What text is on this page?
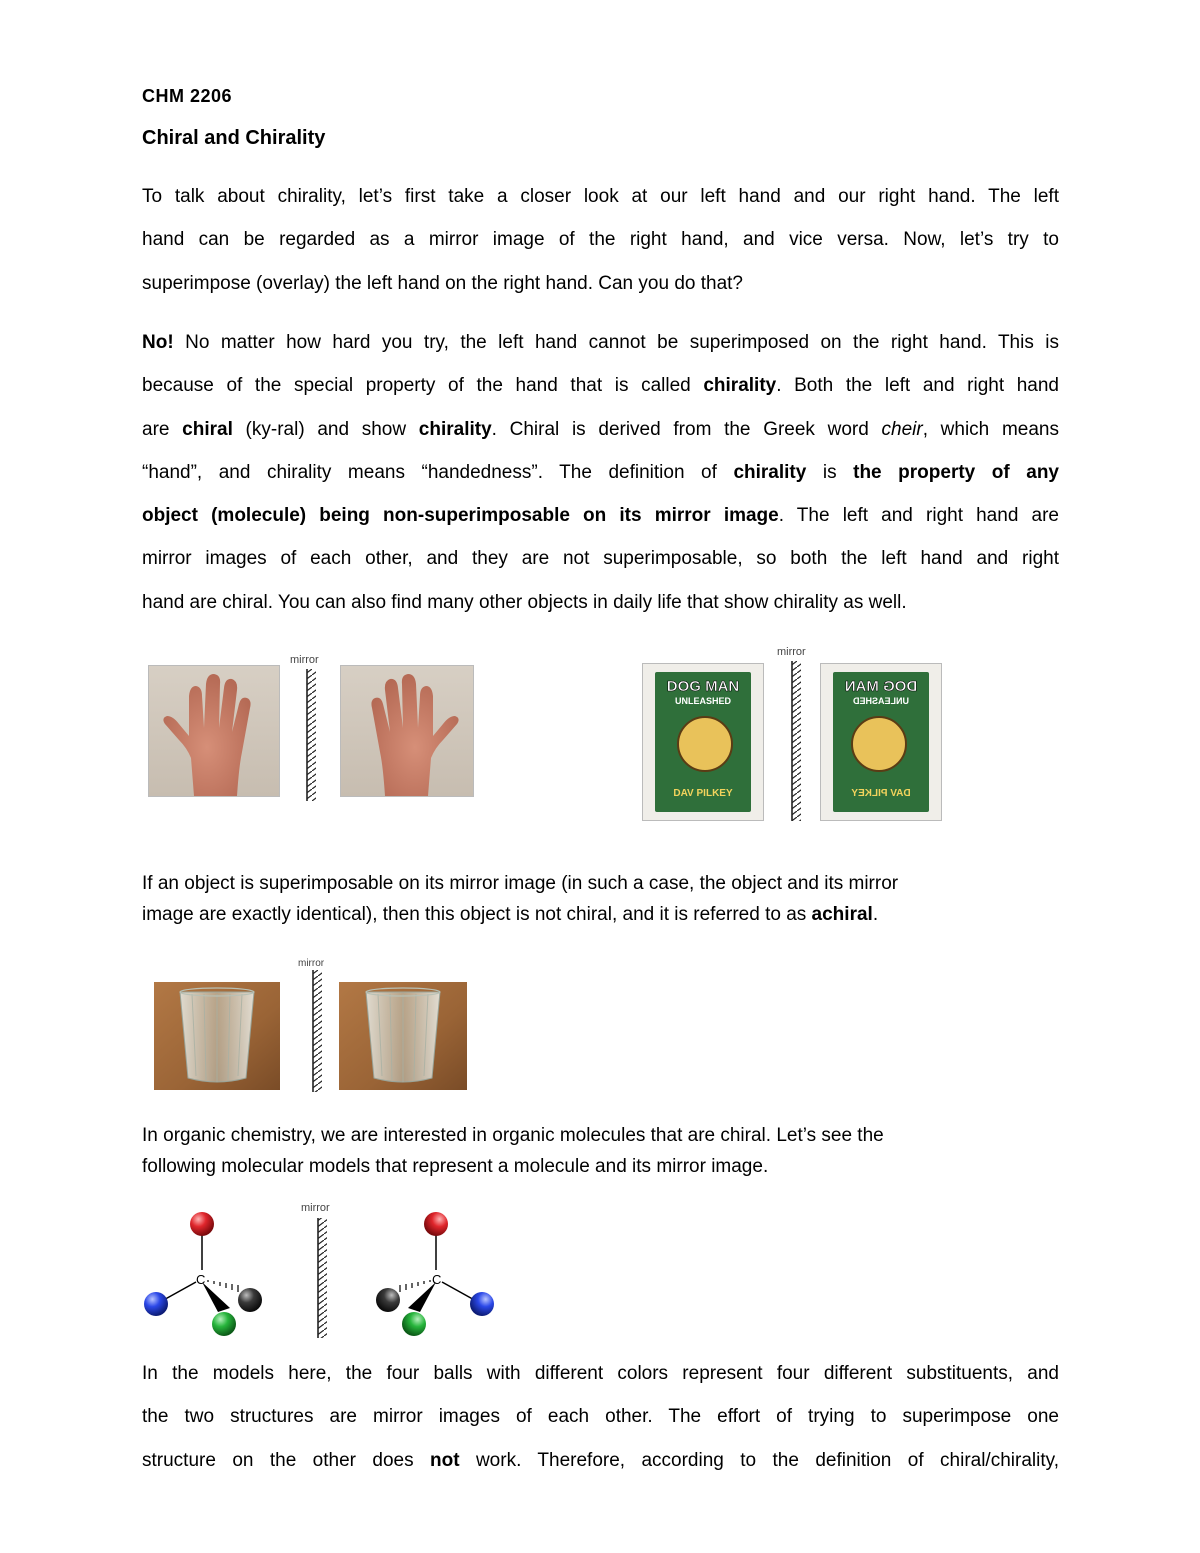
CHM 2206
Chiral and Chirality
To talk about chirality, let’s first take a closer look at our left hand and our right hand. The left
hand can be regarded as a mirror image of the right hand, and vice versa. Now, let’s try to
superimpose (overlay) the left hand on the right hand. Can you do that?
No! No matter how hard you try, the left hand cannot be superimposed on the right hand. This is
because of the special property of the hand that is called chirality. Both the left and right hand
are chiral (ky-ral) and show chirality. Chiral is derived from the Greek word cheir, which means
“hand”, and chirality means “handedness”. The definition of chirality is the property of any
object (molecule) being non-superimposable on its mirror image. The left and right hand are
mirror images of each other, and they are not superimposable, so both the left hand and right
hand are chiral. You can also find many other objects in daily life that show chirality as well.
mirror
DOG MAN
UNLEASHED
DAV PILKEY
mirror
DOG MAN
UNLEASHED
DAV PILKEY
If an object is superimposable on its mirror image (in such a case, the object and its mirror
image are exactly identical), then this object is not chiral, and it is referred to as achiral.
mirror
In organic chemistry, we are interested in organic molecules that are chiral. Let’s see the
following molecular models that represent a molecule and its mirror image.
C
mirror
C
In the models here, the four balls with different colors represent four different substituents, and
the two structures are mirror images of each other. The effort of trying to superimpose one
structure on the other does not work. Therefore, according to the definition of chiral/chirality,
